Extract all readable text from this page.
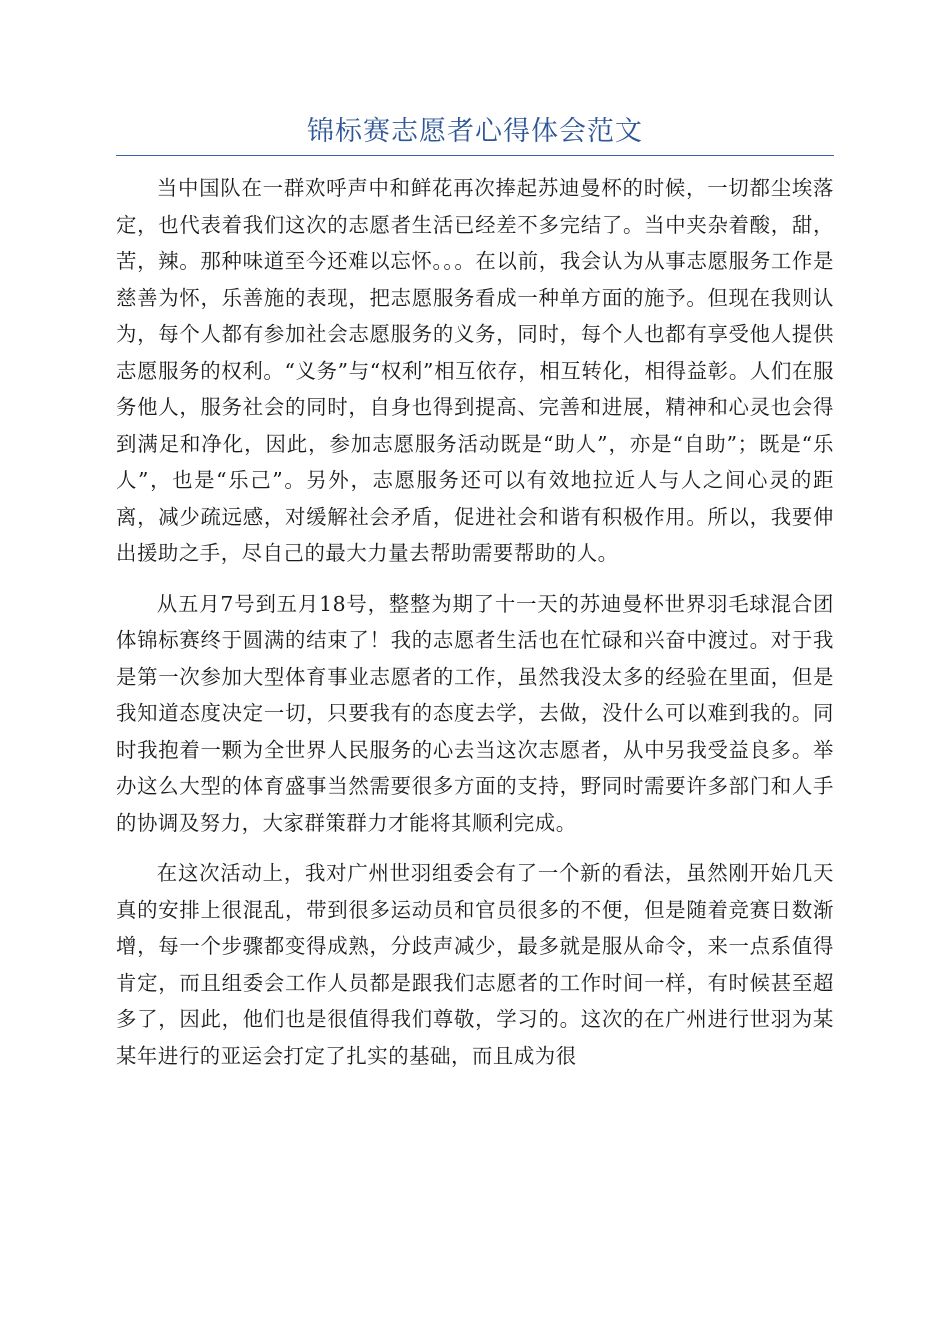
锦标赛志愿者心得体会范文

当中国队在一群欢呼声中和鲜花再次捧起苏迪曼杯的时候，一切都尘埃落定，也代表着我们这次的志愿者生活已经差不多完结了。当中夹杂着酸，甜，苦，辣。那种味道至今还难以忘怀。。。在以前，我会认为从事志愿服务工作是慈善为怀，乐善施的表现，把志愿服务看成一种单方面的施予。但现在我则认为，每个人都有参加社会志愿服务的义务，同时，每个人也都有享受他人提供志愿服务的权利。“义务”与“权利”相互依存，相互转化，相得益彰。人们在服务他人，服务社会的同时，自身也得到提高、完善和进展，精神和心灵也会得到满足和净化，因此，参加志愿服务活动既是“助人”，亦是“自助”；既是“乐人”，也是“乐己”。另外，志愿服务还可以有效地拉近人与人之间心灵的距离，减少疏远感，对缓解社会矛盾，促进社会和谐有积极作用。所以，我要伸出援助之手，尽自己的最大力量去帮助需要帮助的人。

从五月7号到五月18号，整整为期了十一天的苏迪曼杯世界羽毛球混合团体锦标赛终于圆满的结束了！我的志愿者生活也在忙碌和兴奋中渡过。对于我是第一次参加大型体育事业志愿者的工作，虽然我没太多的经验在里面，但是我知道态度决定一切，只要我有的态度去学，去做，没什么可以难到我的。同时我抱着一颗为全世界人民服务的心去当这次志愿者，从中另我受益良多。举办这么大型的体育盛事当然需要很多方面的支持，野同时需要许多部门和人手的协调及努力，大家群策群力才能将其顺利完成。

在这次活动上，我对广州世羽组委会有了一个新的看法，虽然刚开始几天真的安排上很混乱，带到很多运动员和官员很多的不便，但是随着竞赛日数渐增，每一个步骤都变得成熟，分歧声减少，最多就是服从命令，来一点系值得肯定，而且组委会工作人员都是跟我们志愿者的工作时间一样，有时候甚至超多了，因此，他们也是很值得我们尊敬，学习的。这次的在广州进行世羽为某某年进行的亚运会打定了扎实的基础，而且成为很
